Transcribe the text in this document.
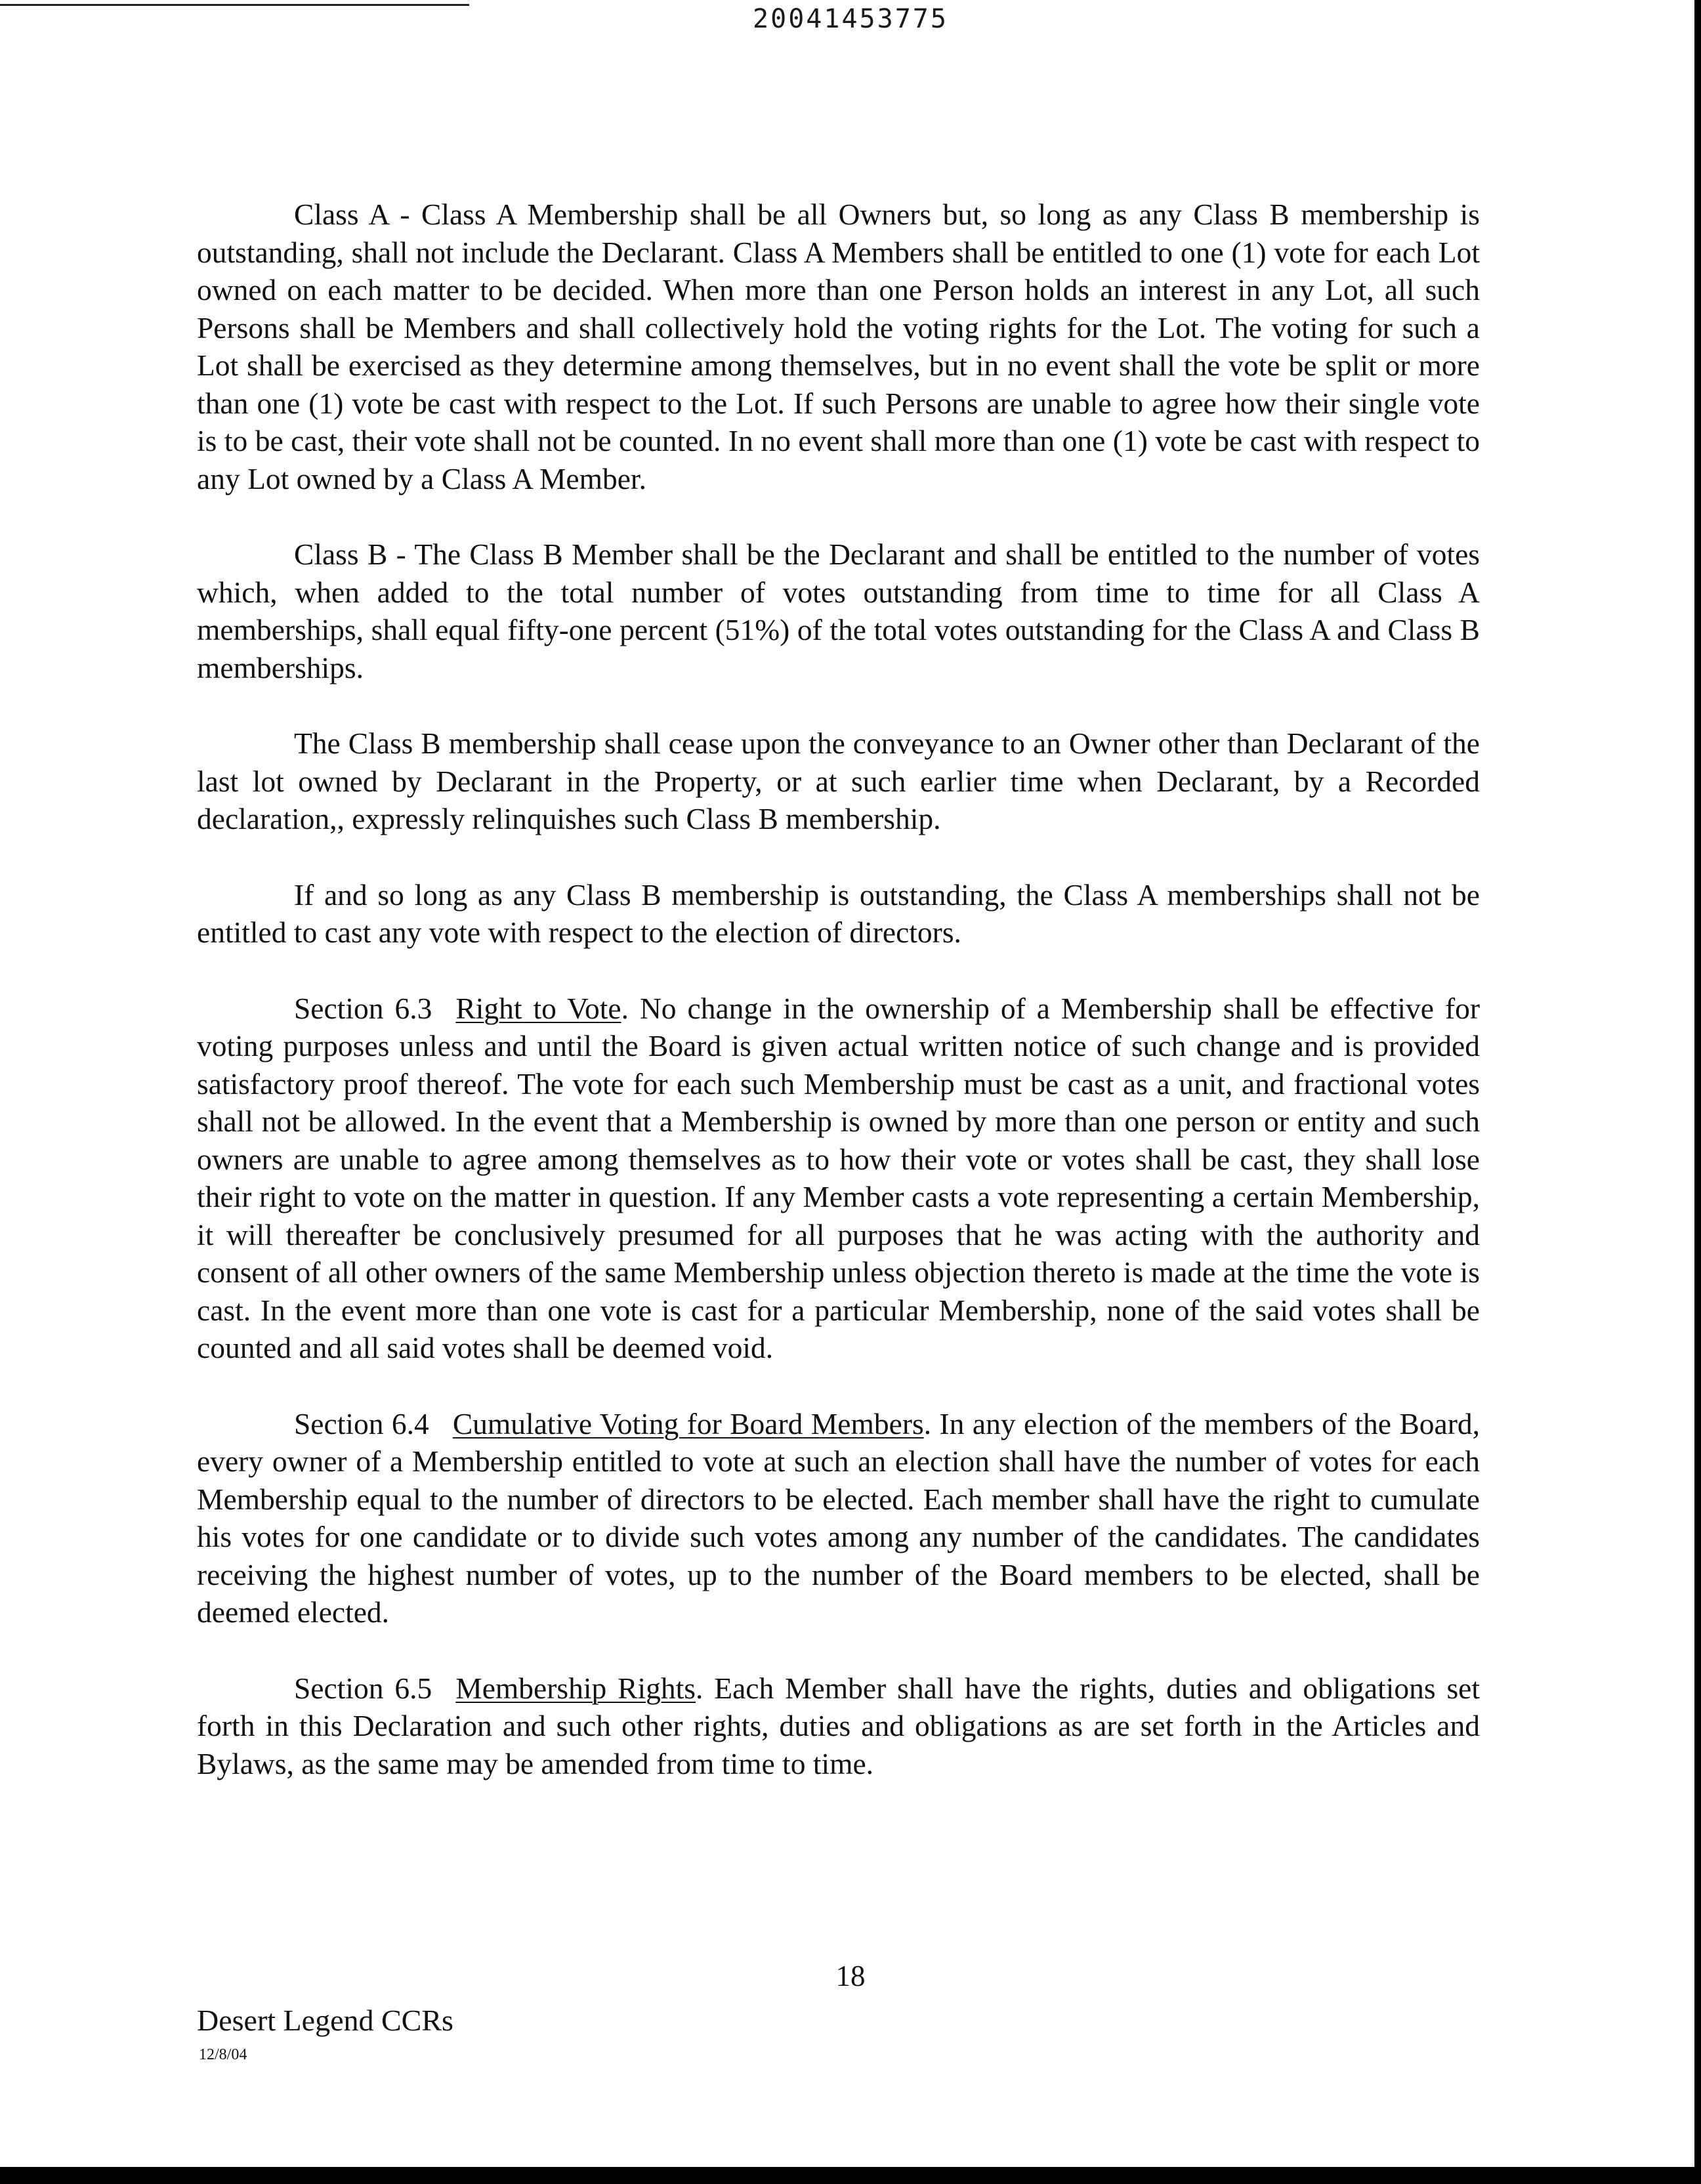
20041453775

Class A - Class A Membership shall be all Owners but, so long as any Class B membership is outstanding, shall not include the Declarant. Class A Members shall be entitled to one (1) vote for each Lot owned on each matter to be decided. When more than one Person holds an interest in any Lot, all such Persons shall be Members and shall collectively hold the voting rights for the Lot. The voting for such a Lot shall be exercised as they determine among themselves, but in no event shall the vote be split or more than one (1) vote be cast with respect to the Lot. If such Persons are unable to agree how their single vote is to be cast, their vote shall not be counted. In no event shall more than one (1) vote be cast with respect to any Lot owned by a Class A Member.

Class B - The Class B Member shall be the Declarant and shall be entitled to the number of votes which, when added to the total number of votes outstanding from time to time for all Class A memberships, shall equal fifty-one percent (51%) of the total votes outstanding for the Class A and Class B memberships.

The Class B membership shall cease upon the conveyance to an Owner other than Declarant of the last lot owned by Declarant in the Property, or at such earlier time when Declarant, by a Recorded declaration,, expressly relinquishes such Class B membership.

If and so long as any Class B membership is outstanding, the Class A memberships shall not be entitled to cast any vote with respect to the election of directors.

Section 6.3 Right to Vote. No change in the ownership of a Membership shall be effective for voting purposes unless and until the Board is given actual written notice of such change and is provided satisfactory proof thereof. The vote for each such Membership must be cast as a unit, and fractional votes shall not be allowed. In the event that a Membership is owned by more than one person or entity and such owners are unable to agree among themselves as to how their vote or votes shall be cast, they shall lose their right to vote on the matter in question. If any Member casts a vote representing a certain Membership, it will thereafter be conclusively presumed for all purposes that he was acting with the authority and consent of all other owners of the same Membership unless objection thereto is made at the time the vote is cast. In the event more than one vote is cast for a particular Membership, none of the said votes shall be counted and all said votes shall be deemed void.

Section 6.4 Cumulative Voting for Board Members. In any election of the members of the Board, every owner of a Membership entitled to vote at such an election shall have the number of votes for each Membership equal to the number of directors to be elected. Each member shall have the right to cumulate his votes for one candidate or to divide such votes among any number of the candidates. The candidates receiving the highest number of votes, up to the number of the Board members to be elected, shall be deemed elected.

Section 6.5 Membership Rights. Each Member shall have the rights, duties and obligations set forth in this Declaration and such other rights, duties and obligations as are set forth in the Articles and Bylaws, as the same may be amended from time to time.

18
Desert Legend CCRs
12/8/04
